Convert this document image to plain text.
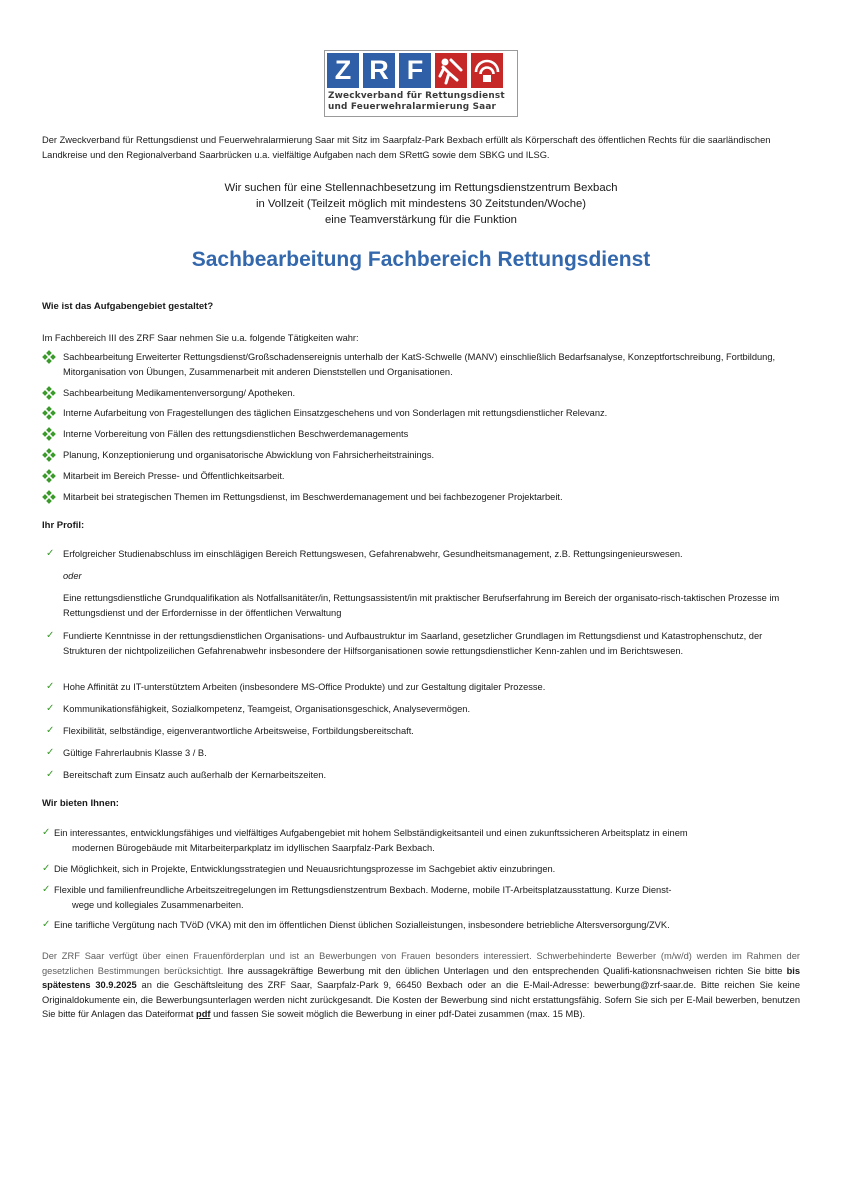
Z R F
Zweckverband für Rettungsdienst
und Feuerwehralarmierung Saar
Der Zweckverband für Rettungsdienst und Feuerwehralarmierung Saar mit Sitz im Saarpfalz-Park Bexbach erfüllt als Körperschaft des öffentlichen Rechts für die saarländischen Landkreise und den Regionalverband Saarbrücken u.a. vielfältige Aufgaben nach dem SRettG sowie dem SBKG und ILSG.
Wir suchen für eine Stellennachbesetzung im Rettungsdienstzentrum Bexbach
in Vollzeit (Teilzeit möglich mit mindestens 30 Zeitstunden/Woche)
eine Teamverstärkung für die Funktion
Sachbearbeitung Fachbereich Rettungsdienst
Wie ist das Aufgabengebiet gestaltet?
Im Fachbereich III des ZRF Saar nehmen Sie u.a. folgende Tätigkeiten wahr:
Sachbearbeitung Erweiterter Rettungsdienst/Großschadensereignis unterhalb der KatS-Schwelle (MANV) einschließlich Bedarfsanalyse, Konzeptfortschreibung, Fortbildung, Mitorganisation von Übungen, Zusammenarbeit mit anderen Dienststellen und Organisationen.
Sachbearbeitung Medikamentenversorgung/ Apotheken.
Interne Aufarbeitung von Fragestellungen des täglichen Einsatzgeschehens und von Sonderlagen mit rettungsdienstlicher Relevanz.
Interne Vorbereitung von Fällen des rettungsdienstlichen Beschwerdemanagements
Planung, Konzeptionierung und organisatorische Abwicklung von Fahrsicherheitstrainings.
Mitarbeit im Bereich Presse- und Öffentlichkeitsarbeit.
Mitarbeit bei strategischen Themen im Rettungsdienst, im Beschwerdemanagement und bei fachbezogener Projektarbeit.
Ihr Profil:
✓ Erfolgreicher Studienabschluss im einschlägigen Bereich Rettungswesen, Gefahrenabwehr, Gesundheitsmanagement, z.B. Rettungsingenieurswesen.
oder
Eine rettungsdienstliche Grundqualifikation als Notfallsanitäter/in, Rettungsassistent/in mit praktischer Berufserfahrung im Bereich der organisato-risch-taktischen Prozesse im Rettungsdienst und der Erfordernisse in der öffentlichen Verwaltung
✓ Fundierte Kenntnisse in der rettungsdienstlichen Organisations- und Aufbaustruktur im Saarland, gesetzlicher Grundlagen im Rettungsdienst und Katastrophenschutz, der Strukturen der nichtpolizeilichen Gefahrenabwehr insbesondere der Hilfsorganisationen sowie rettungsdienstlicher Kenn-zahlen und im Berichtswesen.
✓ Hohe Affinität zu IT-unterstütztem Arbeiten (insbesondere MS-Office Produkte) und zur Gestaltung digitaler Prozesse.
✓ Kommunikationsfähigkeit, Sozialkompetenz, Teamgeist, Organisationsgeschick, Analysevermögen.
✓ Flexibilität, selbständige, eigenverantwortliche Arbeitsweise, Fortbildungsbereitschaft.
✓ Gültige Fahrerlaubnis Klasse 3 / B.
✓ Bereitschaft zum Einsatz auch außerhalb der Kernarbeitszeiten.
Wir bieten Ihnen:
✓ Ein interessantes, entwicklungsfähiges und vielfältiges Aufgabengebiet mit hohem Selbständigkeitsanteil und einen zukunftssicheren Arbeitsplatz in einem
modernen Bürogebäude mit Mitarbeiterparkplatz im idyllischen Saarpfalz-Park Bexbach.
✓ Die Möglichkeit, sich in Projekte, Entwicklungsstrategien und Neuausrichtungsprozesse im Sachgebiet aktiv einzubringen.
✓ Flexible und familienfreundliche Arbeitszeitregelungen im Rettungsdienstzentrum Bexbach. Moderne, mobile IT-Arbeitsplatzausstattung. Kurze Dienst-
wege und kollegiales Zusammenarbeiten.
✓ Eine tarifliche Vergütung nach TVöD (VKA) mit den im öffentlichen Dienst üblichen Sozialleistungen, insbesondere betriebliche Altersversorgung/ZVK.
Der ZRF Saar verfügt über einen Frauenförderplan und ist an Bewerbungen von Frauen besonders interessiert. Schwerbehinderte Bewerber (m/w/d) werden im Rahmen der gesetzlichen Bestimmungen berücksichtigt. Ihre aussagekräftige Bewerbung mit den üblichen Unterlagen und den entsprechenden Qualifi-kationsnachweisen richten Sie bitte bis spätestens 30.9.2025 an die Geschäftsleitung des ZRF Saar, Saarpfalz-Park 9, 66450 Bexbach oder an die E-Mail-Adresse: bewerbung@zrf-saar.de. Bitte reichen Sie keine Originaldokumente ein, die Bewerbungsunterlagen werden nicht zurückgesandt. Die Kosten der Bewerbung sind nicht erstattungsfähig. Sofern Sie sich per E-Mail bewerben, benutzen Sie bitte für Anlagen das Dateiformat pdf und fassen Sie soweit möglich die Bewerbung in einer pdf-Datei zusammen (max. 15 MB).
